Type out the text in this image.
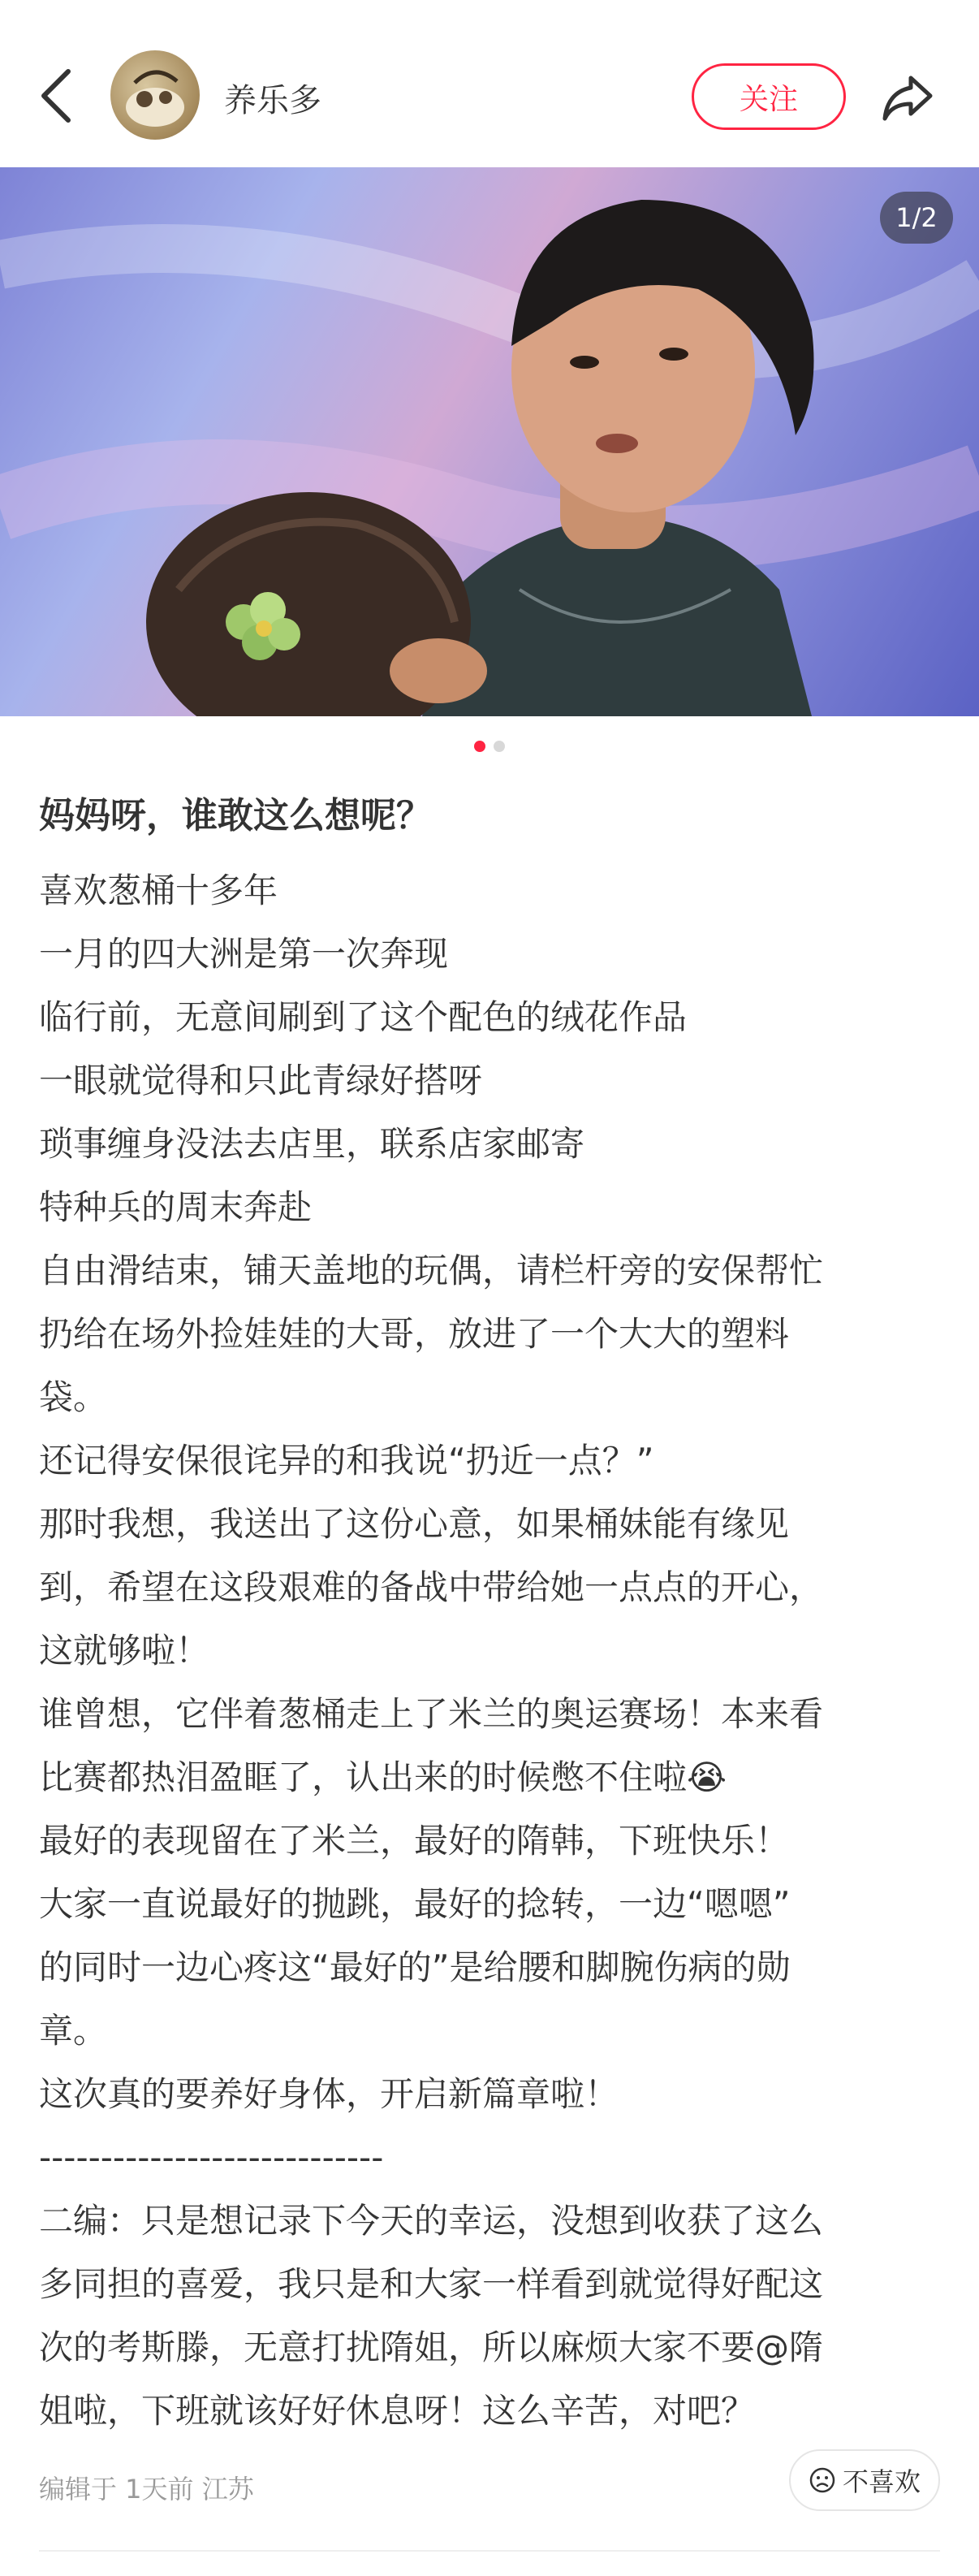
养乐多	关注
1/2
妈妈呀，谁敢这么想呢？
喜欢葱桶十多年
一月的四大洲是第一次奔现
临行前，无意间刷到了这个配色的绒花作品
一眼就觉得和只此青绿好搭呀
琐事缠身没法去店里，联系店家邮寄
特种兵的周末奔赴
自由滑结束，铺天盖地的玩偶，请栏杆旁的安保帮忙
扔给在场外捡娃娃的大哥，放进了一个大大的塑料
袋。
还记得安保很诧异的和我说“扔近一点？”
那时我想，我送出了这份心意，如果桶妹能有缘见
到，希望在这段艰难的备战中带给她一点点的开心，
这就够啦！
谁曾想，它伴着葱桶走上了米兰的奥运赛场！本来看
比赛都热泪盈眶了，认出来的时候憋不住啦😭
最好的表现留在了米兰，最好的隋韩，下班快乐！
大家一直说最好的抛跳，最好的捻转，一边“嗯嗯”
的同时一边心疼这“最好的”是给腰和脚腕伤病的勋
章。
这次真的要养好身体，开启新篇章啦！
----------------------------
二编：只是想记录下今天的幸运，没想到收获了这么
多同担的喜爱，我只是和大家一样看到就觉得好配这
次的考斯滕，无意打扰隋姐，所以麻烦大家不要@隋
姐啦，下班就该好好休息呀！这么辛苦，对吧？
编辑于 1天前 江苏	不喜欢
